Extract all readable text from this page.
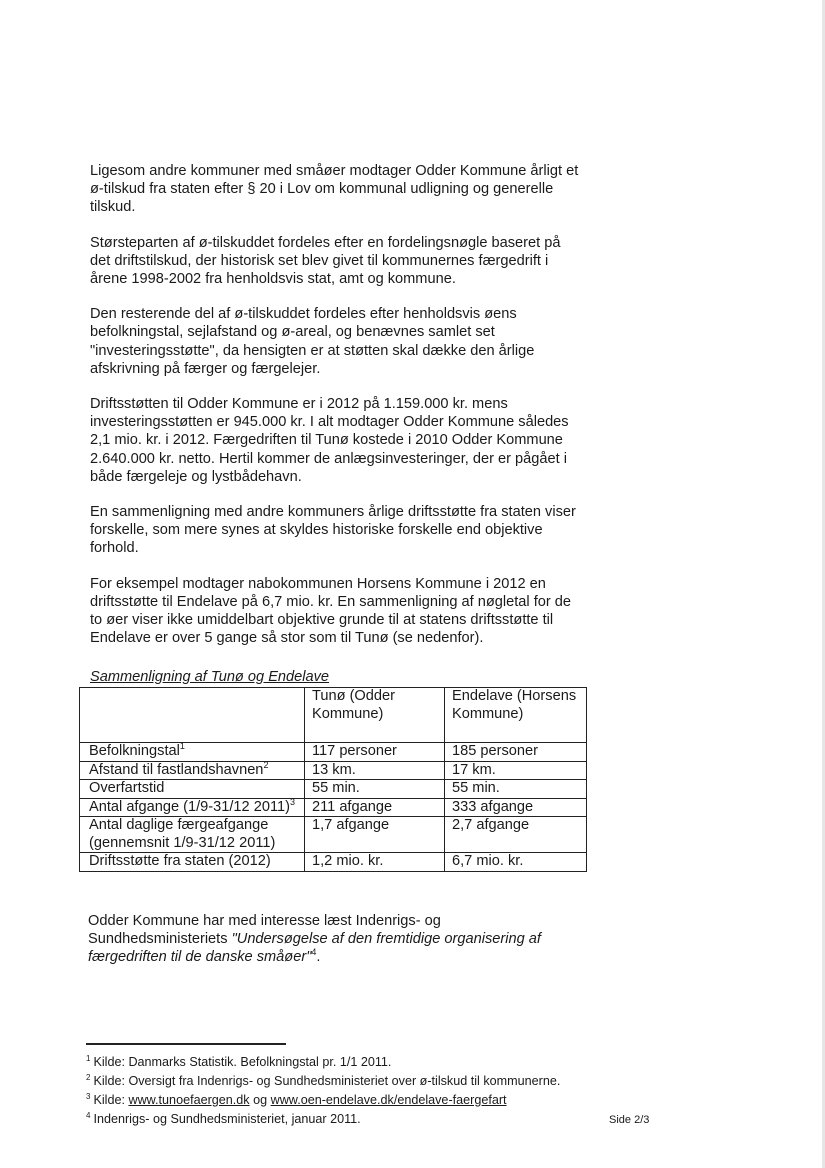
Ligesom andre kommuner med småøer modtager Odder Kommune årligt et ø-tilskud fra staten efter § 20 i Lov om kommunal udligning og generelle tilskud.

Størsteparten af ø-tilskuddet fordeles efter en fordelingsnøgle baseret på det driftstilskud, der historisk set blev givet til kommunernes færgedrift i årene 1998-2002 fra henholdsvis stat, amt og kommune.

Den resterende del af ø-tilskuddet fordeles efter henholdsvis øens befolkningstal, sejlafstand og ø-areal, og benævnes samlet set "investeringsstøtte", da hensigten er at støtten skal dække den årlige afskrivning på færger og færgelejer.

Driftsstøtten til Odder Kommune er i 2012 på 1.159.000 kr. mens investeringsstøtten er 945.000 kr. I alt modtager Odder Kommune således 2,1 mio. kr. i 2012. Færgedriften til Tunø kostede i 2010 Odder Kommune 2.640.000 kr. netto. Hertil kommer de anlægsinvesteringer, der er pågået i både færgeleje og lystbådehavn.

En sammenligning med andre kommuners årlige driftsstøtte fra staten viser forskelle, som mere synes at skyldes historiske forskelle end objektive forhold.

For eksempel modtager nabokommunen Horsens Kommune i 2012 en driftsstøtte til Endelave på 6,7 mio. kr. En sammenligning af nøgletal for de to øer viser ikke umiddelbart objektive grunde til at statens driftsstøtte til Endelave er over 5 gange så stor som til Tunø (se nedenfor).

Sammenligning af Tunø og Endelave
	Tunø (Odder Kommune)	Endelave (Horsens Kommune)
Befolkningstal$^1$	117 personer	185 personer
Afstand til fastlandshavnen$^2$	13 km.	17 km.
Overfartstid	55 min.	55 min.
Antal afgange (1/9-31/12 2011)$^3$	211 afgange	333 afgange
Antal daglige færgeafgange (gennemsnit 1/9-31/12 2011)	1,7 afgange	2,7 afgange
Driftsstøtte fra staten (2012)	1,2 mio. kr.	6,7 mio. kr.

Odder Kommune har med interesse læst Indenrigs- og Sundhedsministeriets "Undersøgelse af den fremtidige organisering af færgedriften til de danske småøer"$^4$.

$^1$ Kilde: Danmarks Statistik. Befolkningstal pr. 1/1 2011.

$^2$ Kilde: Oversigt fra Indenrigs- og Sundhedsministeriet over ø-tilskud til kommunerne.

$^3$ Kilde: www.tunoefaergen.dk og www.oen-endelave.dk/endelave-faergefart

$^4$ Indenrigs- og Sundhedsministeriet, januar 2011.	Side 2/3
